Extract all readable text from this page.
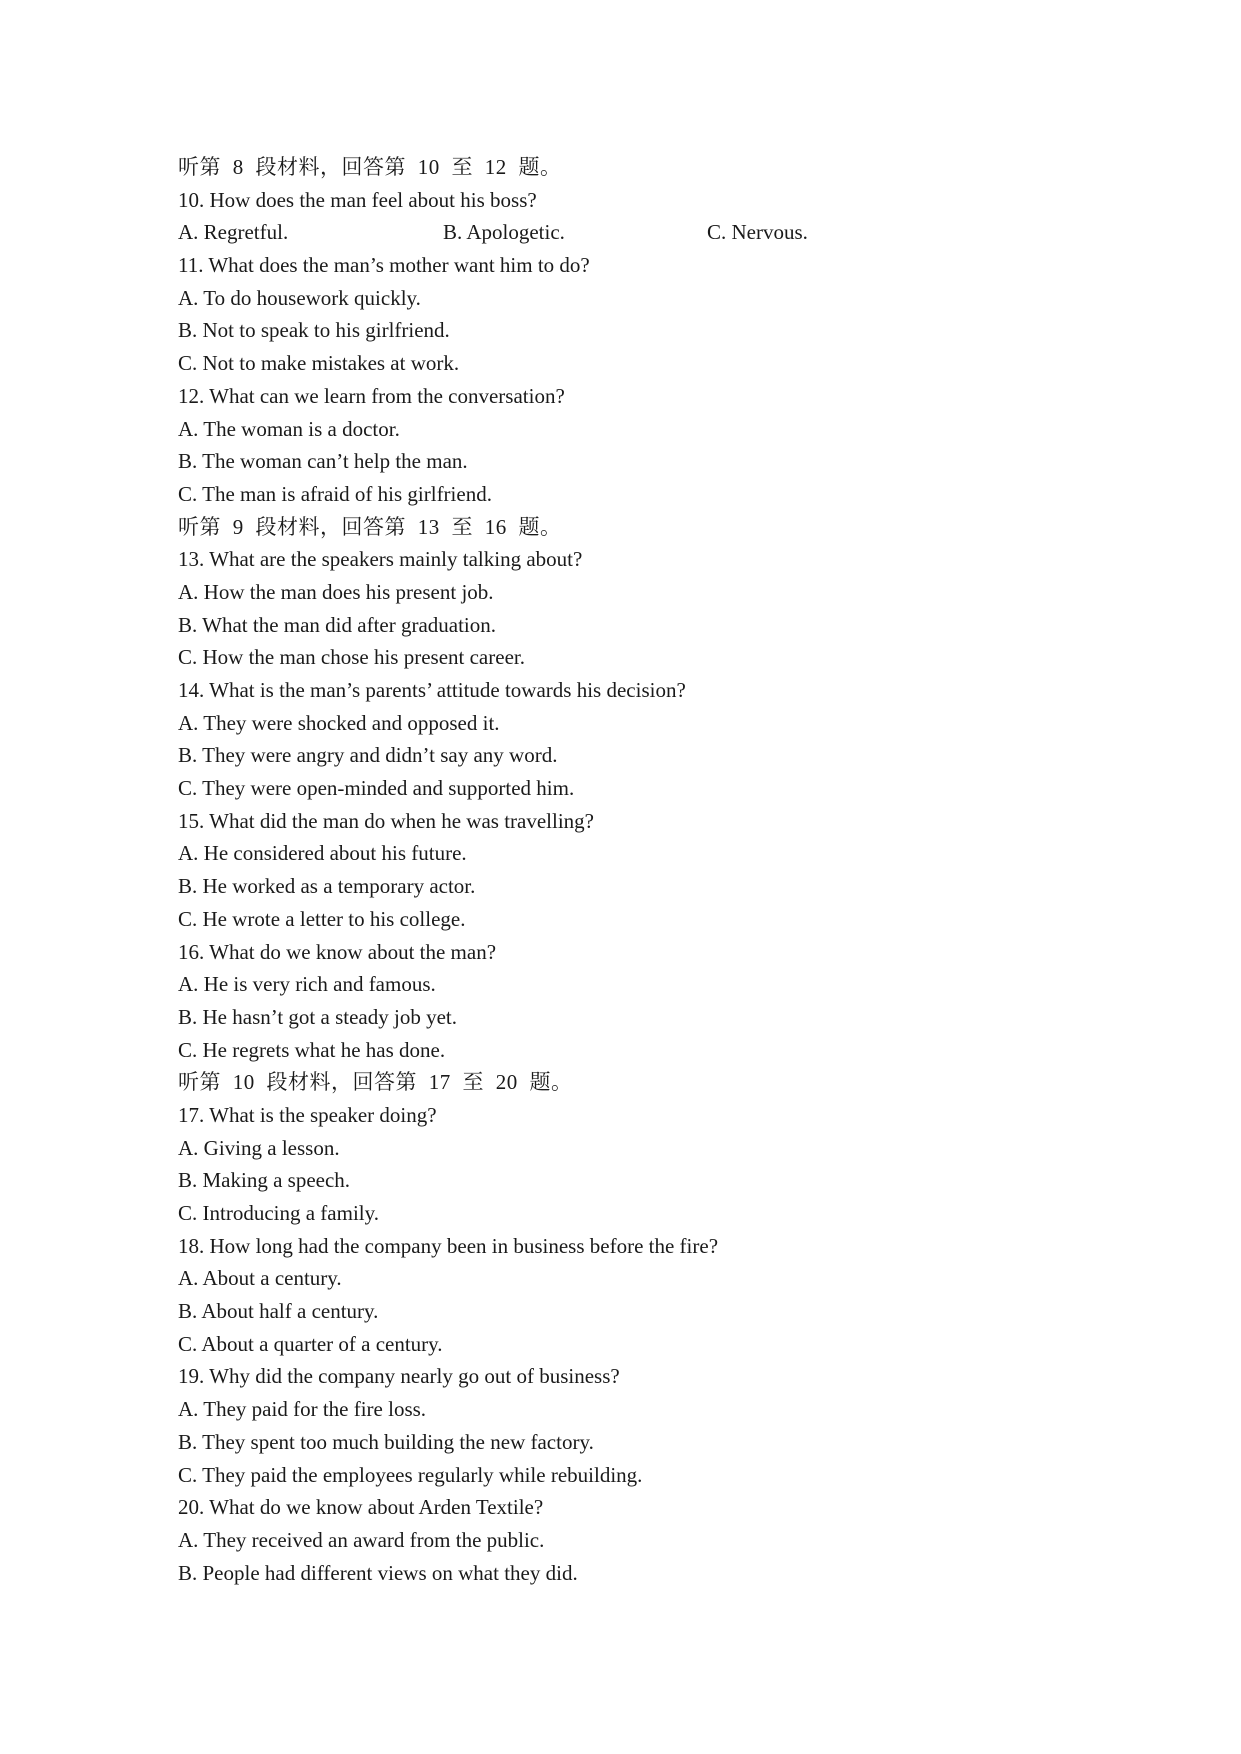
听第 8 段材料，回答第 10 至 12 题。
10. How does the man feel about his boss?
A. Regretful.	B. Apologetic.	C. Nervous.
11. What does the man’s mother want him to do?
A. To do housework quickly.
B. Not to speak to his girlfriend.
C. Not to make mistakes at work.
12. What can we learn from the conversation?
A. The woman is a doctor.
B. The woman can’t help the man.
C. The man is afraid of his girlfriend.
听第 9 段材料，回答第 13 至 16 题。
13. What are the speakers mainly talking about?
A. How the man does his present job.
B. What the man did after graduation.
C. How the man chose his present career.
14. What is the man’s parents’ attitude towards his decision?
A. They were shocked and opposed it.
B. They were angry and didn’t say any word.
C. They were open-minded and supported him.
15. What did the man do when he was travelling?
A. He considered about his future.
B. He worked as a temporary actor.
C. He wrote a letter to his college.
16. What do we know about the man?
A. He is very rich and famous.
B. He hasn’t got a steady job yet.
C. He regrets what he has done.
听第 10 段材料，回答第 17 至 20 题。
17. What is the speaker doing?
A. Giving a lesson.
B. Making a speech.
C. Introducing a family.
18. How long had the company been in business before the fire?
A. About a century.
B. About half a century.
C. About a quarter of a century.
19. Why did the company nearly go out of business?
A. They paid for the fire loss.
B. They spent too much building the new factory.
C. They paid the employees regularly while rebuilding.
20. What do we know about Arden Textile?
A. They received an award from the public.
B. People had different views on what they did.
